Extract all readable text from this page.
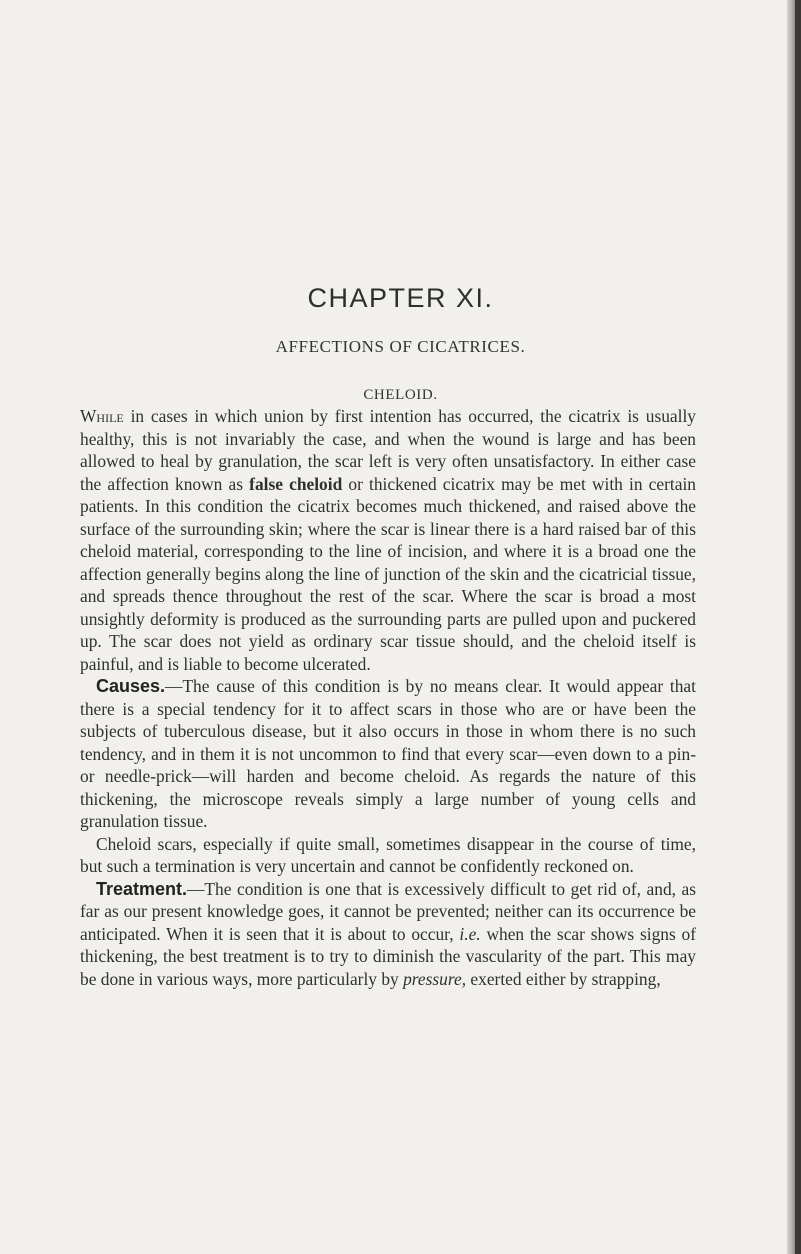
CHAPTER XI.
AFFECTIONS OF CICATRICES.
CHELOID.

While in cases in which union by first intention has occurred, the cicatrix is usually healthy, this is not invariably the case, and when the wound is large and has been allowed to heal by granulation, the scar left is very often unsatisfactory. In either case the affection known as false cheloid or thickened cicatrix may be met with in certain patients. In this condition the cicatrix becomes much thickened, and raised above the surface of the surrounding skin; where the scar is linear there is a hard raised bar of this cheloid material, corresponding to the line of incision, and where it is a broad one the affection generally begins along the line of junction of the skin and the cicatricial tissue, and spreads thence throughout the rest of the scar. Where the scar is broad a most unsightly deformity is produced as the surrounding parts are pulled upon and puckered up. The scar does not yield as ordinary scar tissue should, and the cheloid itself is painful, and is liable to become ulcerated.

Causes.—The cause of this condition is by no means clear. It would appear that there is a special tendency for it to affect scars in those who are or have been the subjects of tuberculous disease, but it also occurs in those in whom there is no such tendency, and in them it is not uncommon to find that every scar—even down to a pin- or needle-prick—will harden and become cheloid. As regards the nature of this thickening, the microscope reveals simply a large number of young cells and granulation tissue.

Cheloid scars, especially if quite small, sometimes disappear in the course of time, but such a termination is very uncertain and cannot be confidently reckoned on.

Treatment.—The condition is one that is excessively difficult to get rid of, and, as far as our present knowledge goes, it cannot be prevented; neither can its occurrence be anticipated. When it is seen that it is about to occur, i.e. when the scar shows signs of thickening, the best treatment is to try to diminish the vascularity of the part. This may be done in various ways, more particularly by pressure, exerted either by strapping,
